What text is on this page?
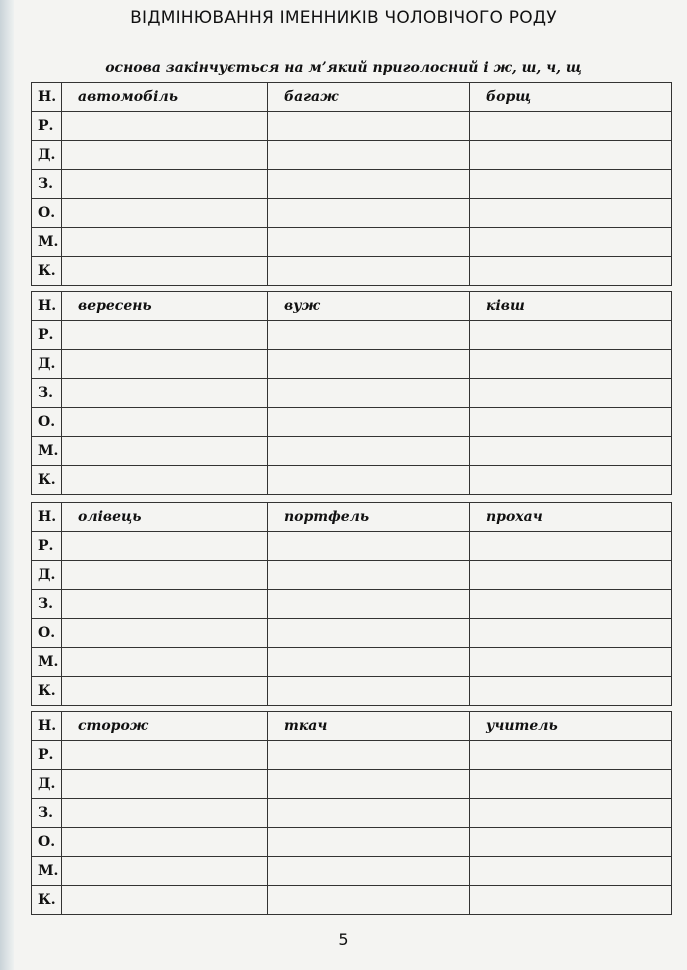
ВІДМІНЮВАННЯ ІМЕННИКІВ ЧОЛОВІЧОГО РОДУ
основа закінчується на м’який приголосний і ж, ш, ч, щ
Н.	автомобіль	багаж	борщ
Р.			
Д.			
З.			
О.			
М.			
К.			
Н.	вересень	вуж	ківш
Р.			
Д.			
З.			
О.			
М.			
К.			
Н.	олівець	портфель	прохач
Р.			
Д.			
З.			
О.			
М.			
К.			
Н.	сторож	ткач	учитель
Р.			
Д.			
З.			
О.			
М.			
К.			
5
